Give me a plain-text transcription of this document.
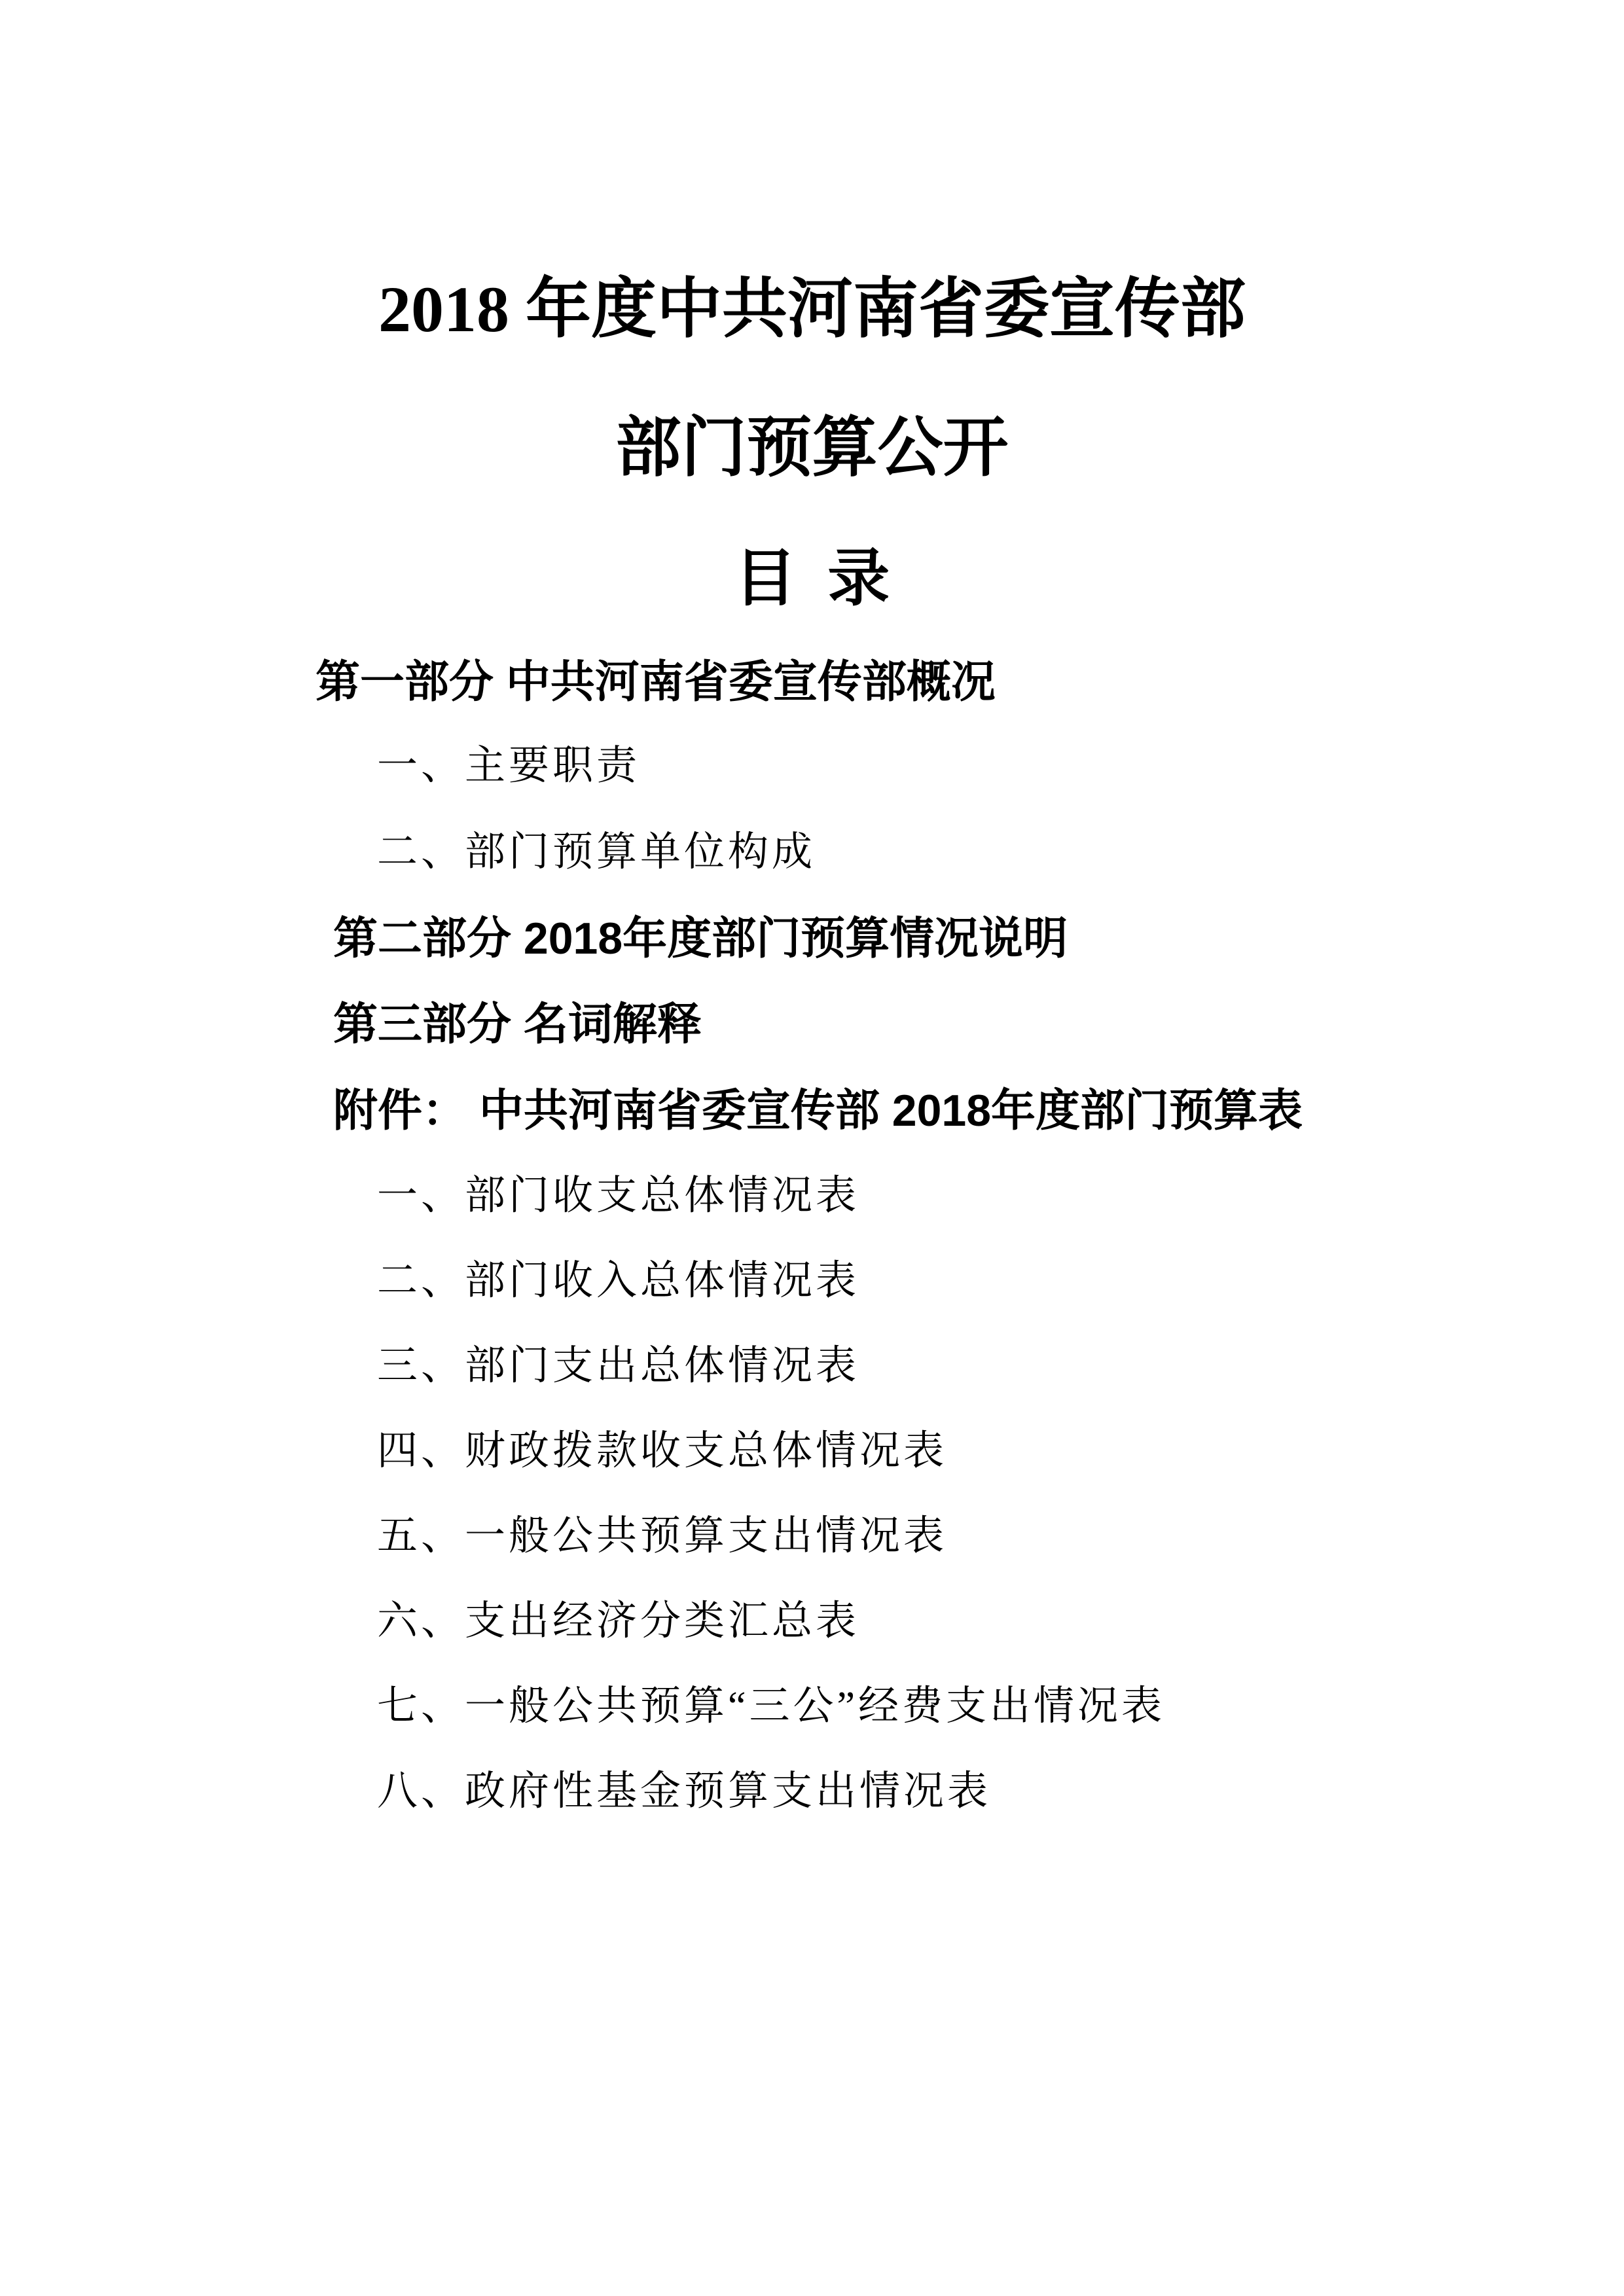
2018 年度中共河南省委宣传部
部门预算公开
目  录
第一部分 中共河南省委宣传部概况
一、主要职责
二、部门预算单位构成
第二部分 2018年度部门预算情况说明
第三部分 名词解释
附件： 中共河南省委宣传部 2018年度部门预算表
一、部门收支总体情况表
二、部门收入总体情况表
三、部门支出总体情况表
四、财政拨款收支总体情况表
五、一般公共预算支出情况表
六、支出经济分类汇总表
七、一般公共预算“三公”经费支出情况表
八、政府性基金预算支出情况表
